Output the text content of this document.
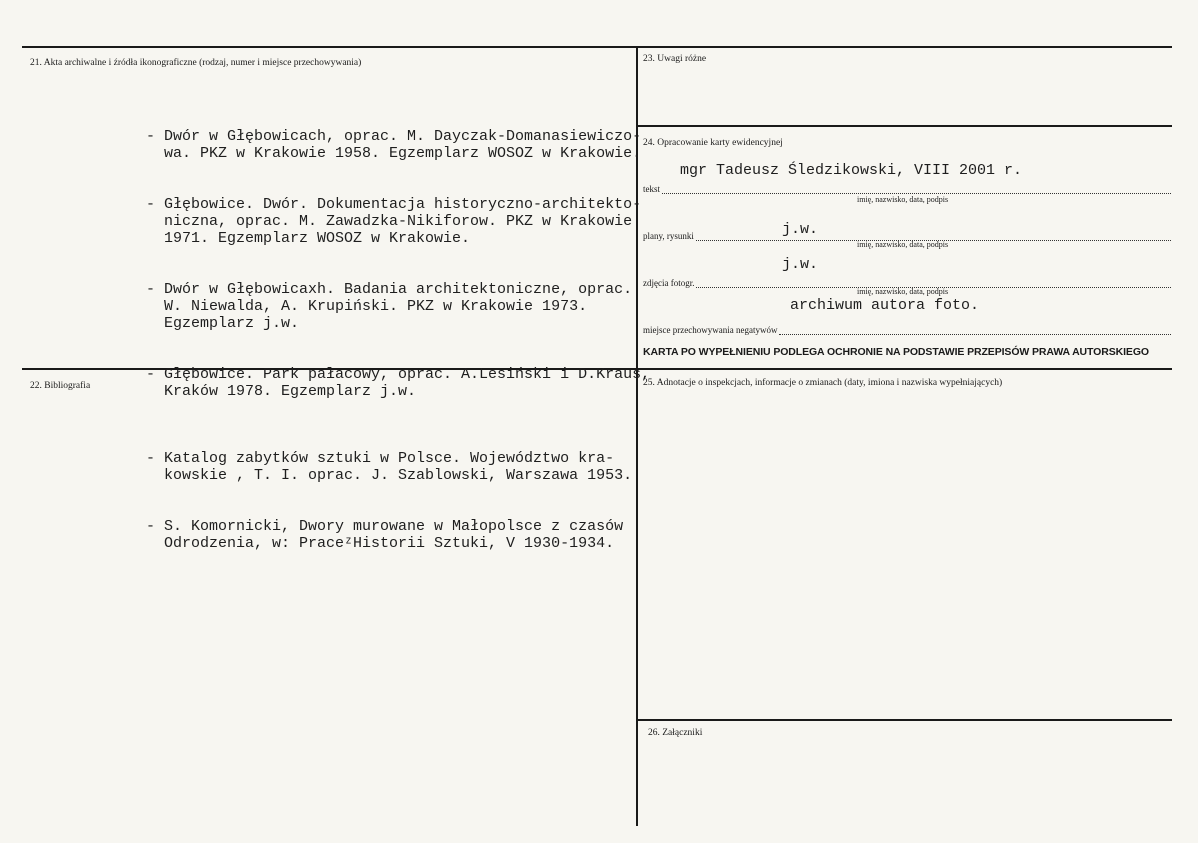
21. Akta archiwalne i źródła ikonograficzne (rodzaj, numer i miejsce przechowywania)

- Dwór w Głębowicach, oprac. M. Dayczak-Domanasiewiczo-
wa. PKZ w Krakowie 1958. Egzemplarz WOSOZ w Krakowie.

- Głębowice. Dwór. Dokumentacja historyczno-architekto-
niczna, oprac. M. Zawadzka-Nikiforow. PKZ w Krakowie
1971. Egzemplarz WOSOZ w Krakowie.

- Dwór w Głębowicaxh. Badania architektoniczne, oprac.
W. Niewalda, A. Krupiński. PKZ w Krakowie 1973.
Egzemplarz j.w.

- Głębowice. Park pałacowy, oprac. A.Lesiński i D.Kraus,
Kraków 1978. Egzemplarz j.w.

22. Bibliografia

- Katalog zabytków sztuki w Polsce. Województwo kra-
kowskie , T. I. oprac. J. Szablowski, Warszawa 1953.

- S. Komornicki, Dwory murowane w Małopolsce z czasów
Odrodzenia, w: PraceᶻHistorii Sztuki, V 1930-1934.

23. Uwagi różne
24. Opracowanie karty ewidencyjnej
mgr Tadeusz Śledzikowski, VIII 2001 r.
tekst
imię, nazwisko, data, podpis
j.w.
plany, rysunki
imię, nazwisko, data, podpis
j.w.
zdjęcia fotogr.
imię, nazwisko, data, podpis
archiwum autora foto.
miejsce przechowywania negatywów
KARTA PO WYPEŁNIENIU PODLEGA OCHRONIE NA PODSTAWIE PRZEPISÓW PRAWA AUTORSKIEGO
25. Adnotacje o inspekcjach, informacje o zmianach (daty, imiona i nazwiska wypełniających)
26. Załączniki
